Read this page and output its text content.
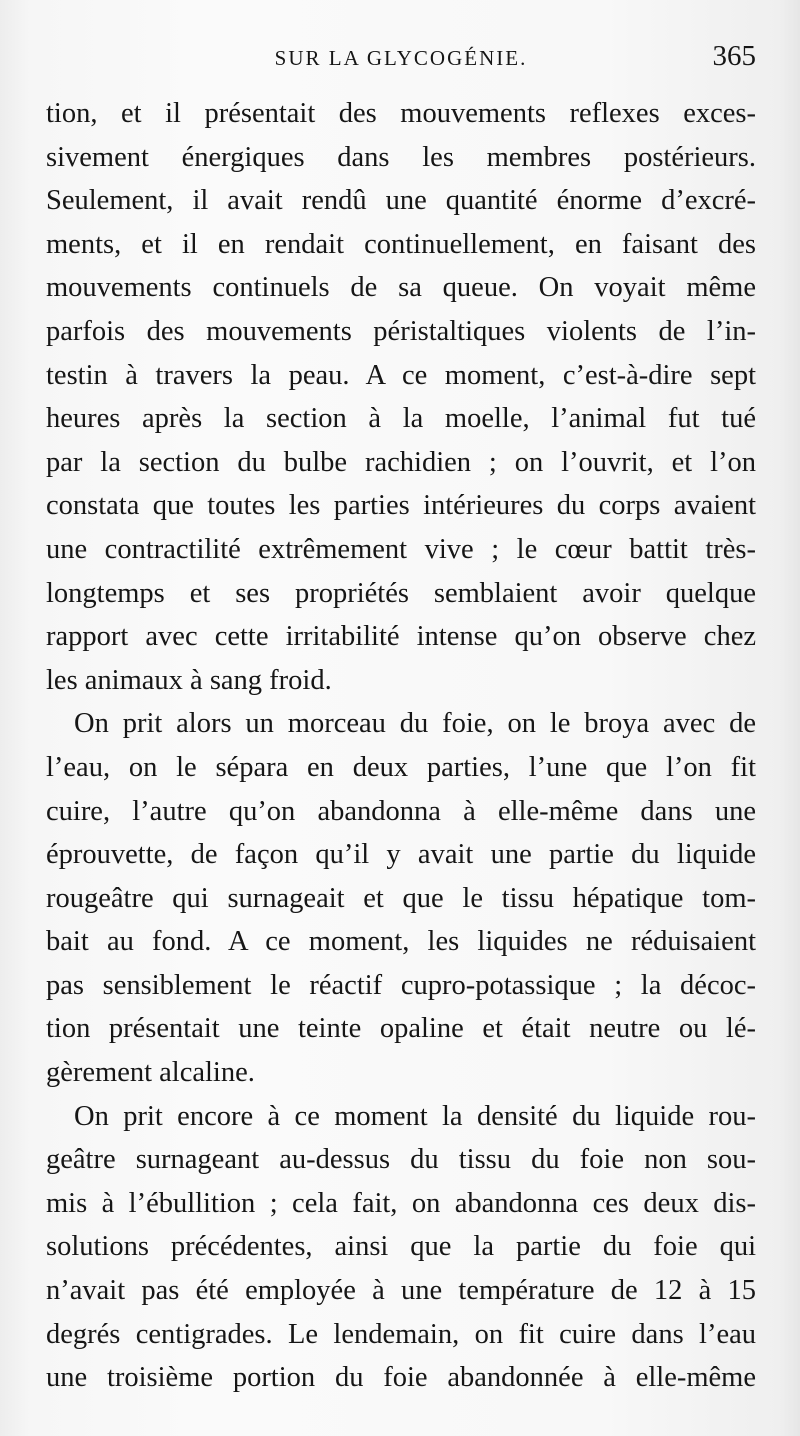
SUR LA GLYCOGÉNIE.	365
tion, et il présentait des mouvements reflexes exces-
sivement énergiques dans les membres postérieurs.
Seulement, il avait rendû une quantité énorme d’excré-
ments, et il en rendait continuellement, en faisant des
mouvements continuels de sa queue. On voyait même
parfois des mouvements péristaltiques violents de l’in-
testin à travers la peau. A ce moment, c’est-à-dire sept
heures après la section à la moelle, l’animal fut tué
par la section du bulbe rachidien ; on l’ouvrit, et l’on
constata que toutes les parties intérieures du corps avaient
une contractilité extrêmement vive ; le cœur battit très-
longtemps et ses propriétés semblaient avoir quelque
rapport avec cette irritabilité intense qu’on observe chez
les animaux à sang froid.
On prit alors un morceau du foie, on le broya avec de
l’eau, on le sépara en deux parties, l’une que l’on fit
cuire, l’autre qu’on abandonna à elle-même dans une
éprouvette, de façon qu’il y avait une partie du liquide
rougeâtre qui surnageait et que le tissu hépatique tom-
bait au fond. A ce moment, les liquides ne réduisaient
pas sensiblement le réactif cupro-potassique ; la décoc-
tion présentait une teinte opaline et était neutre ou lé-
gèrement alcaline.
On prit encore à ce moment la densité du liquide rou-
geâtre surnageant au-dessus du tissu du foie non sou-
mis à l’ébullition ; cela fait, on abandonna ces deux dis-
solutions précédentes, ainsi que la partie du foie qui
n’avait pas été employée à une température de 12 à 15
degrés centigrades. Le lendemain, on fit cuire dans l’eau
une troisième portion du foie abandonnée à elle-même
